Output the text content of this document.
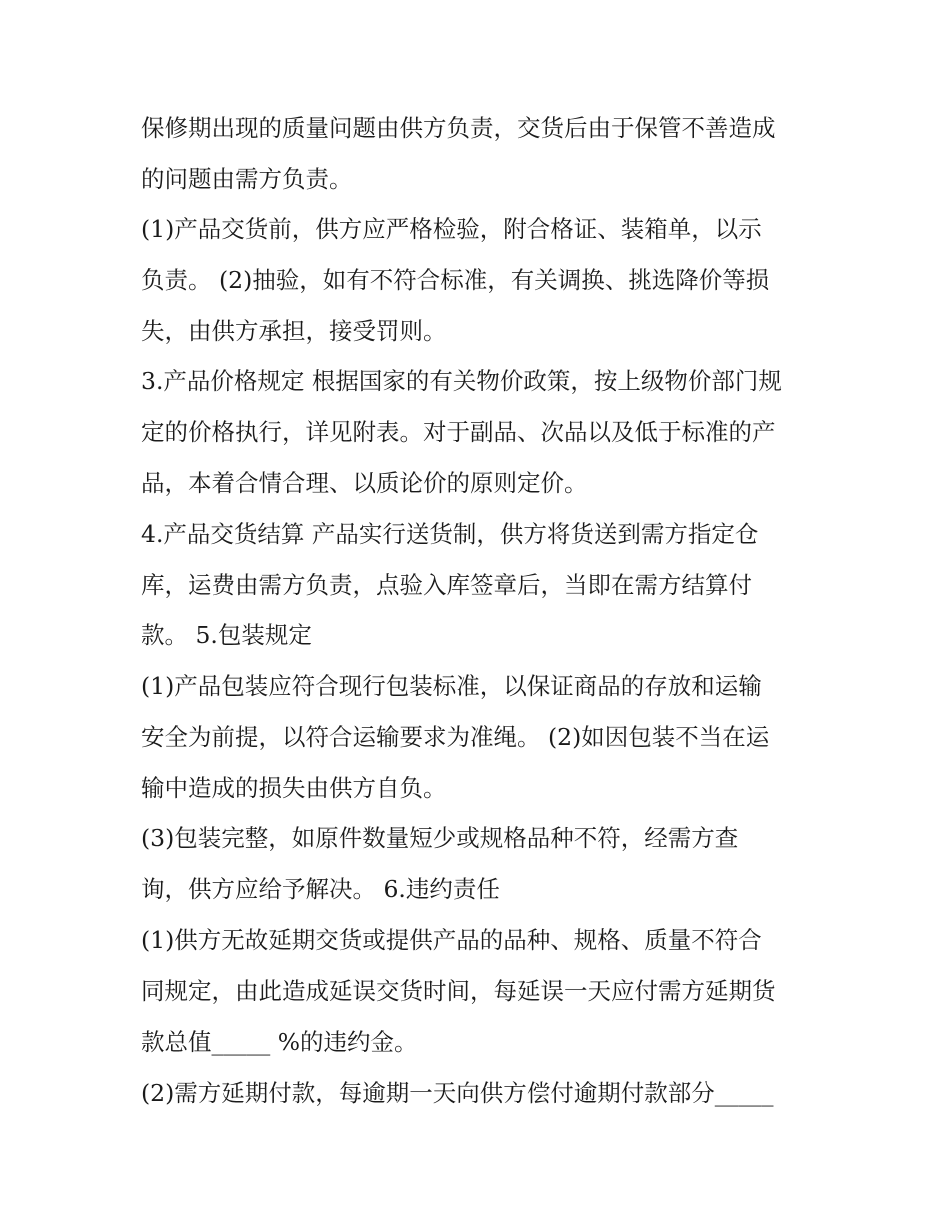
保修期出现的质量问题由供方负责，交货后由于保管不善造成
的问题由需方负责。
(1)产品交货前，供方应严格检验，附合格证、装箱单，以示
负责。 (2)抽验，如有不符合标准，有关调换、挑选降价等损
失，由供方承担，接受罚则。
3.产品价格规定 根据国家的有关物价政策，按上级物价部门规
定的价格执行，详见附表。对于副品、次品以及低于标准的产
品，本着合情合理、以质论价的原则定价。
4.产品交货结算 产品实行送货制，供方将货送到需方指定仓
库，运费由需方负责，点验入库签章后，当即在需方结算付
款。 5.包装规定
(1)产品包装应符合现行包装标准，以保证商品的存放和运输
安全为前提，以符合运输要求为准绳。 (2)如因包装不当在运
输中造成的损失由供方自负。
(3)包装完整，如原件数量短少或规格品种不符，经需方查
询，供方应给予解决。 6.违约责任
(1)供方无故延期交货或提供产品的品种、规格、质量不符合
同规定，由此造成延误交货时间，每延误一天应付需方延期货
款总值_____ %的违约金。
(2)需方延期付款，每逾期一天向供方偿付逾期付款部分_____
